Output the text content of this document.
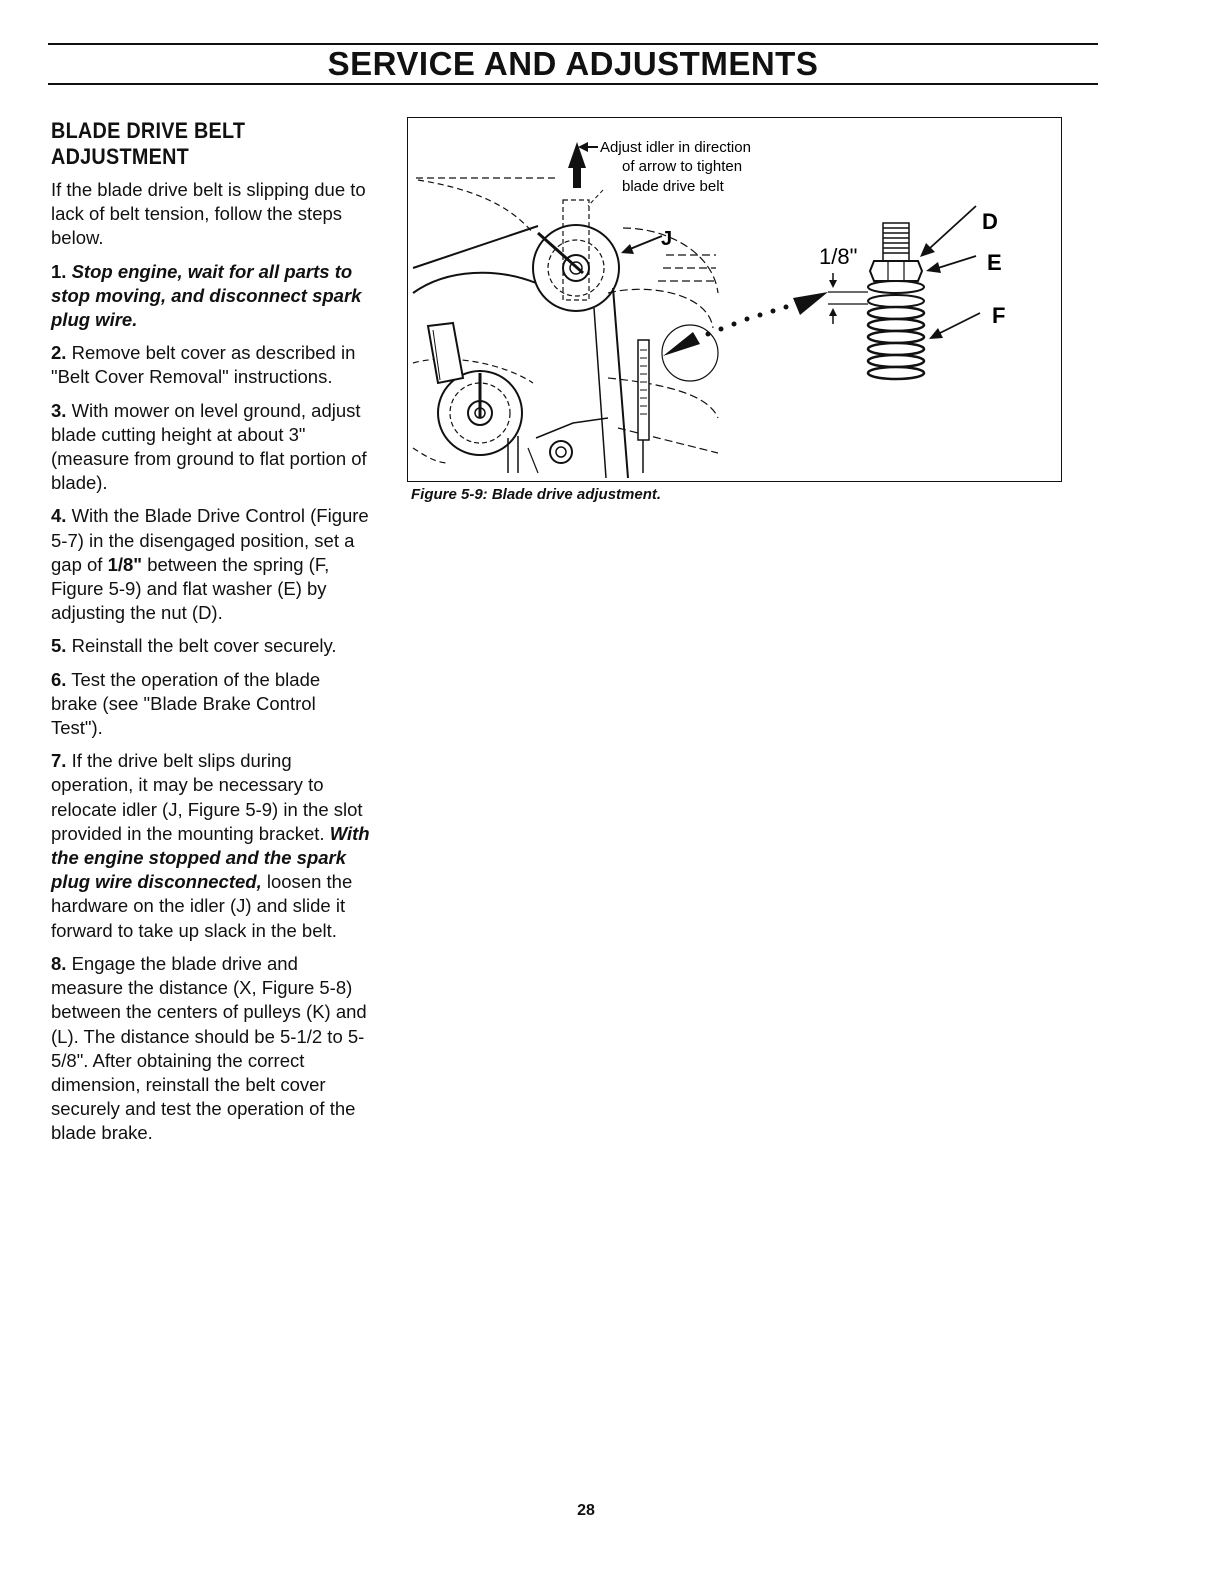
SERVICE AND ADJUSTMENTS
BLADE DRIVE BELT
ADJUSTMENT

If the blade drive belt is slipping due to lack of belt tension, follow the steps below.

1. Stop engine, wait for all parts to stop moving, and disconnect spark plug wire.

2. Remove belt cover as described in "Belt Cover Removal" instructions.

3. With mower on level ground, adjust blade cutting height at about 3" (measure from ground to flat portion of blade).

4. With the Blade Drive Control (Figure 5-7) in the disengaged position, set a gap of 1/8" between the spring (F, Figure 5-9) and flat washer (E) by adjusting the nut (D).

5. Reinstall the belt cover securely.

6. Test the operation of the blade brake (see "Blade Brake Control Test").

7. If the drive belt slips during operation, it may be necessary to relocate idler (J, Figure 5-9) in the slot provided in the mounting bracket. With the engine stopped and the spark plug wire disconnected, loosen the hardware on the idler (J) and slide it forward to take up slack in the belt.

8. Engage the blade drive and measure the distance (X, Figure 5-8) between the centers of pulleys (K) and (L). The distance should be 5-1/2 to 5-5/8". After obtaining the correct dimension, reinstall the belt cover securely and test the operation of the blade brake.

Adjust idler in direction
of arrow to tighten
blade drive belt
J
1/8"
D
E
F

Figure 5-9: Blade drive adjustment.

28
